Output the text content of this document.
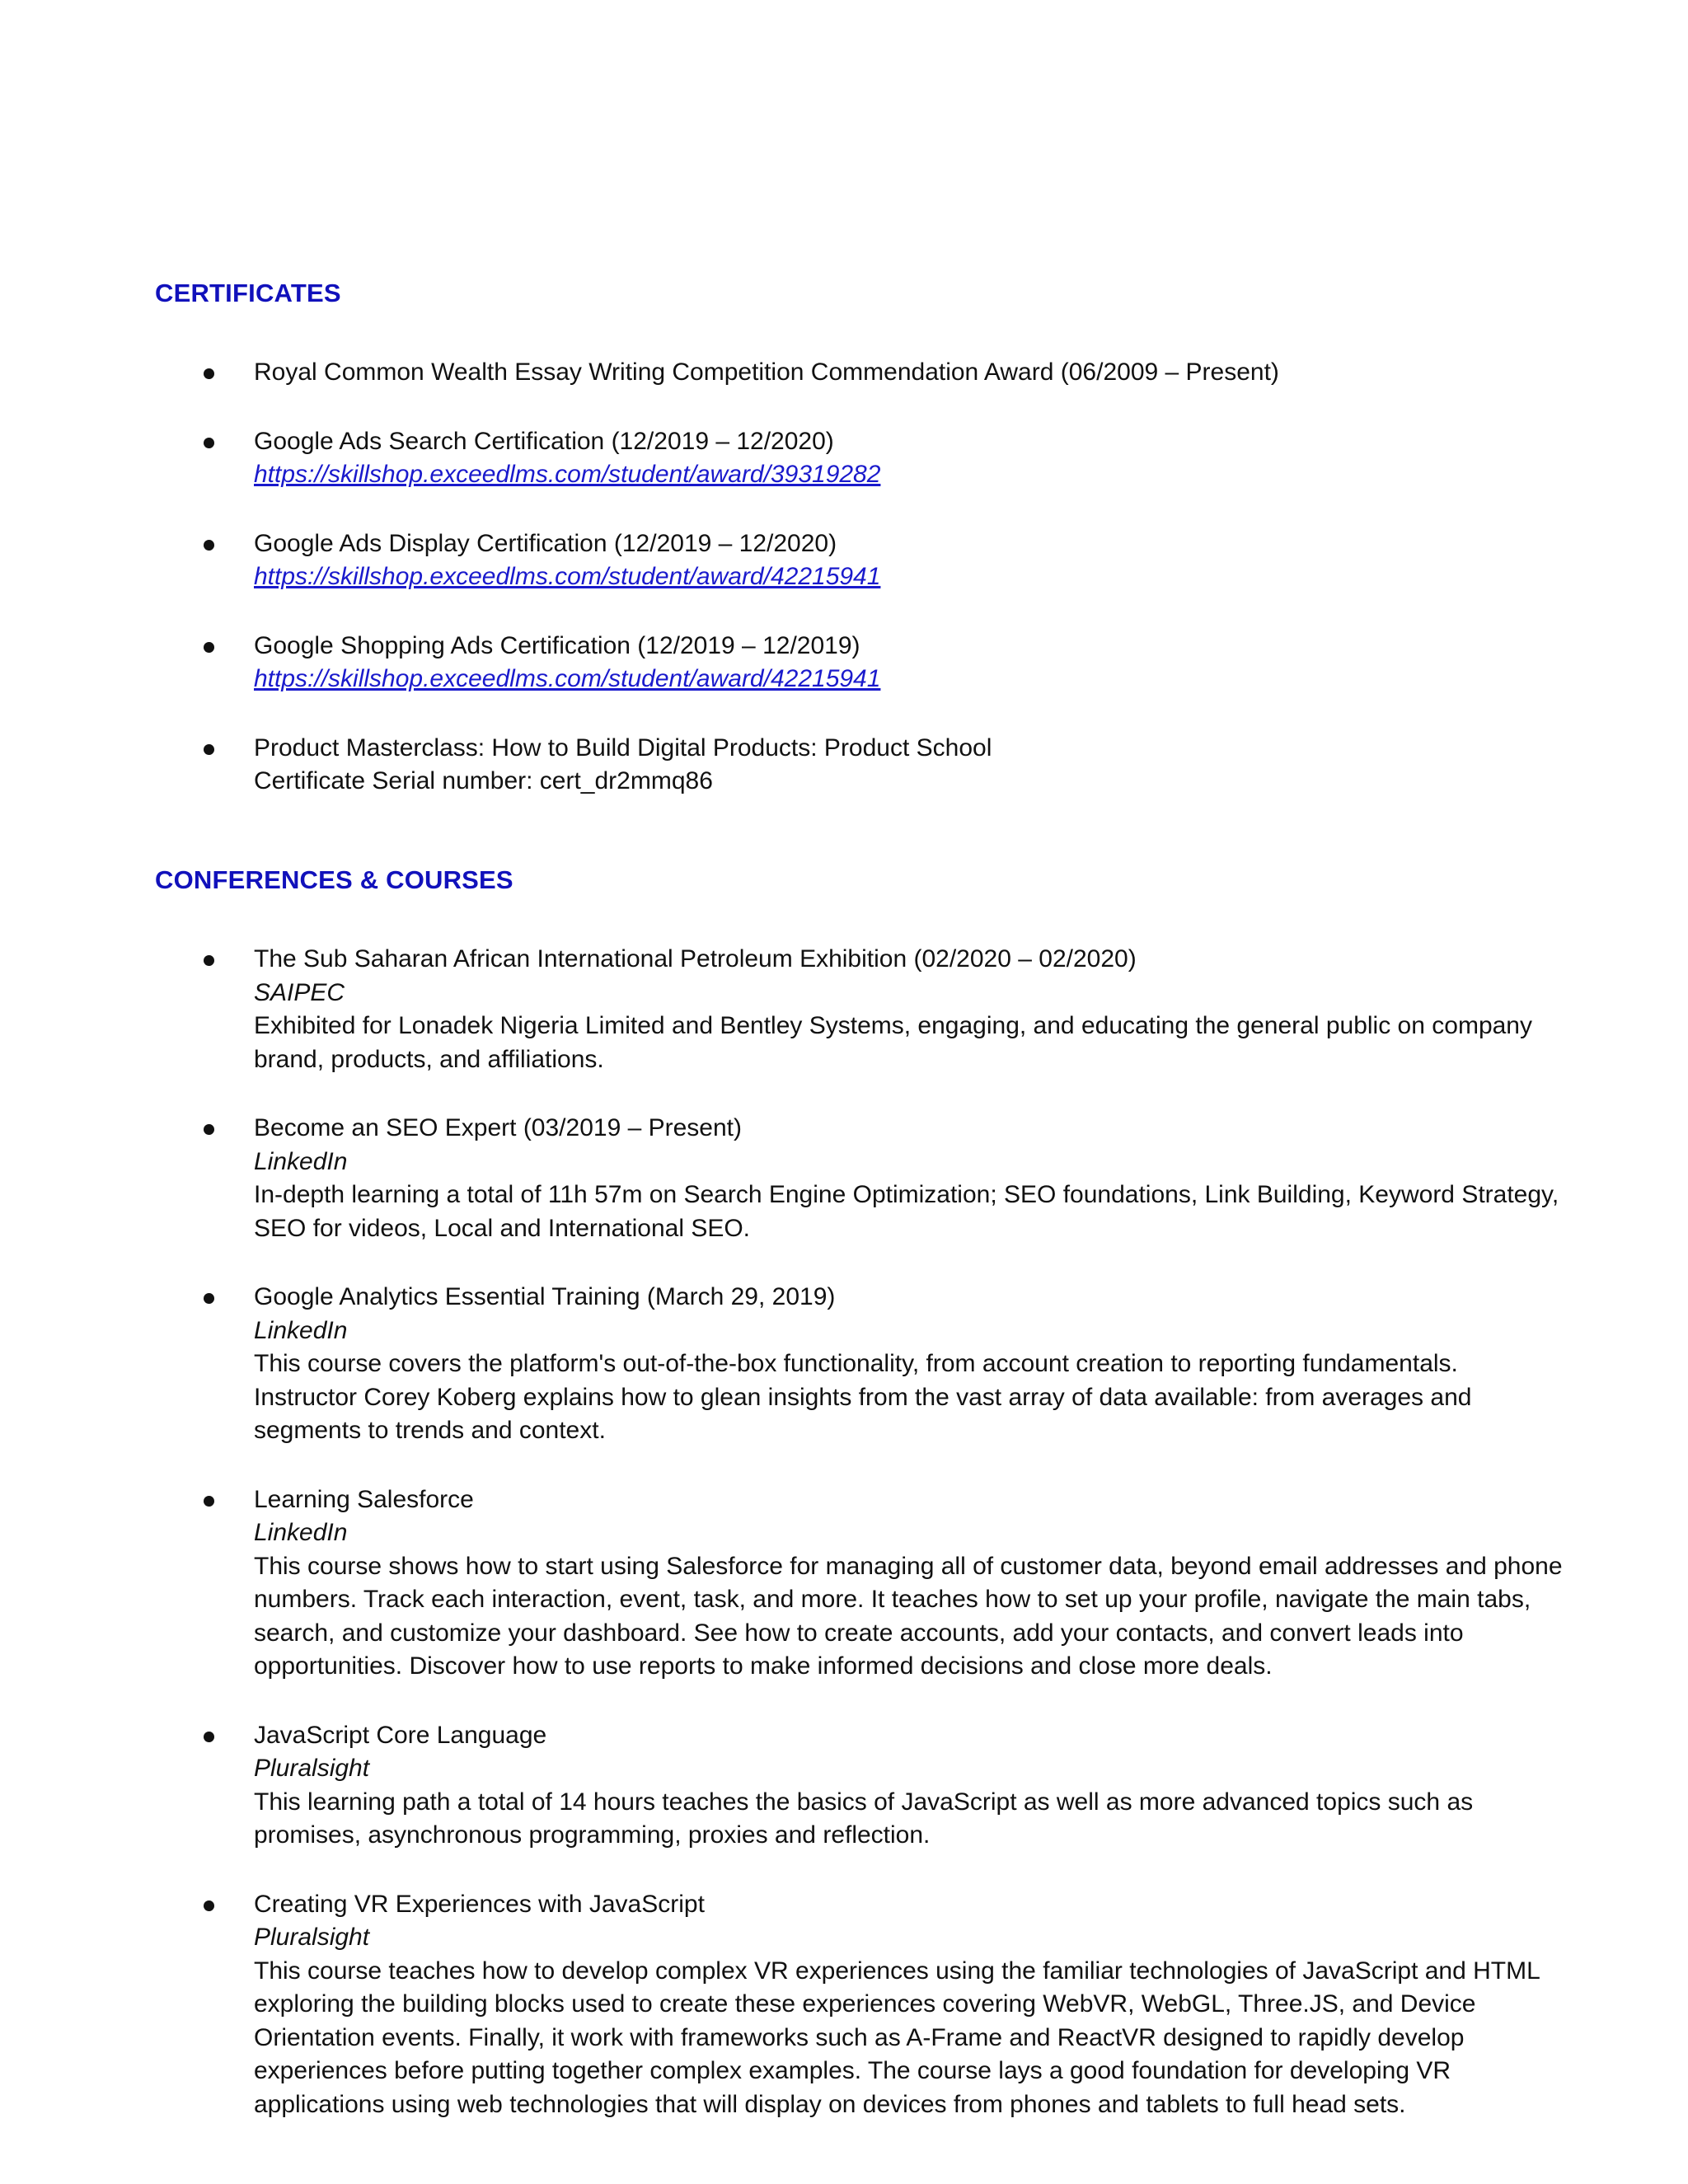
CERTIFICATES
Royal Common Wealth Essay Writing Competition Commendation Award (06/2009 – Present)
Google Ads Search Certification (12/2019 – 12/2020)
https://skillshop.exceedlms.com/student/award/39319282
Google Ads Display Certification (12/2019 – 12/2020)
https://skillshop.exceedlms.com/student/award/42215941
Google Shopping Ads Certification (12/2019 – 12/2019)
https://skillshop.exceedlms.com/student/award/42215941
Product Masterclass: How to Build Digital Products: Product School
Certificate Serial number: cert_dr2mmq86
CONFERENCES & COURSES
The Sub Saharan African International Petroleum Exhibition (02/2020 – 02/2020)
SAIPEC
Exhibited for Lonadek Nigeria Limited and Bentley Systems, engaging, and educating the general public on company brand, products, and affiliations.
Become an SEO Expert (03/2019 – Present)
LinkedIn
In-depth learning a total of 11h 57m on Search Engine Optimization; SEO foundations, Link Building, Keyword Strategy, SEO for videos, Local and International SEO.
Google Analytics Essential Training (March 29, 2019)
LinkedIn
This course covers the platform's out-of-the-box functionality, from account creation to reporting fundamentals. Instructor Corey Koberg explains how to glean insights from the vast array of data available: from averages and segments to trends and context.
Learning Salesforce
LinkedIn
This course shows how to start using Salesforce for managing all of customer data, beyond email addresses and phone numbers. Track each interaction, event, task, and more. It teaches how to set up your profile, navigate the main tabs, search, and customize your dashboard. See how to create accounts, add your contacts, and convert leads into opportunities. Discover how to use reports to make informed decisions and close more deals.
JavaScript Core Language
Pluralsight
This learning path a total of 14 hours teaches the basics of JavaScript as well as more advanced topics such as promises, asynchronous programming, proxies and reflection.
Creating VR Experiences with JavaScript
Pluralsight
This course teaches how to develop complex VR experiences using the familiar technologies of JavaScript and HTML exploring the building blocks used to create these experiences covering WebVR, WebGL, Three.JS, and Device Orientation events. Finally, it work with frameworks such as A-Frame and ReactVR designed to rapidly develop experiences before putting together complex examples. The course lays a good foundation for developing VR applications using web technologies that will display on devices from phones and tablets to full head sets.
